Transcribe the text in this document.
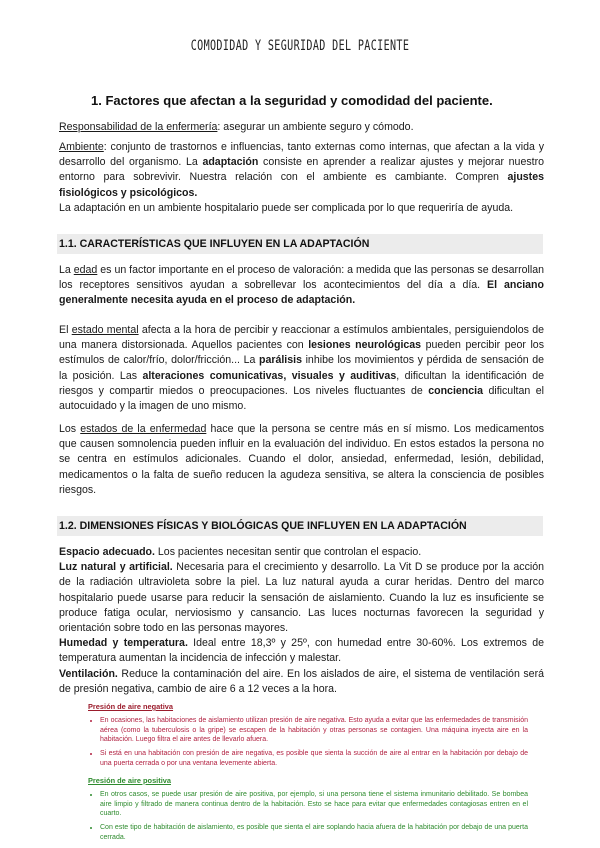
COMODIDAD Y SEGURIDAD DEL PACIENTE
1. Factores que afectan a la seguridad y comodidad del paciente.
Responsabilidad de la enfermería: asegurar un ambiente seguro y cómodo.
Ambiente: conjunto de trastornos e influencias, tanto externas como internas, que afectan a la vida y desarrollo del organismo. La adaptación consiste en aprender a realizar ajustes y mejorar nuestro entorno para sobrevivir. Nuestra relación con el ambiente es cambiante. Compren ajustes fisiológicos y psicológicos.
La adaptación en un ambiente hospitalario puede ser complicada por lo que requeriría de ayuda.
1.1. CARACTERÍSTICAS QUE INFLUYEN EN LA ADAPTACIÓN
La edad es un factor importante en el proceso de valoración: a medida que las personas se desarrollan los receptores sensitivos ayudan a sobrellevar los acontecimientos del día a día. El anciano generalmente necesita ayuda en el proceso de adaptación.
El estado mental afecta a la hora de percibir y reaccionar a estímulos ambientales, persiguiendolos de una manera distorsionada. Aquellos pacientes con lesiones neurológicas pueden percibir peor los estímulos de calor/frío, dolor/fricción... La parálisis inhibe los movimientos y pérdida de sensación de la posición. Las alteraciones comunicativas, visuales y auditivas, dificultan la identificación de riesgos y compartir miedos o preocupaciones. Los niveles fluctuantes de conciencia dificultan el autocuidado y la imagen de uno mismo.
Los estados de la enfermedad hace que la persona se centre más en sí mismo. Los medicamentos que causen somnolencia pueden influir en la evaluación del individuo. En estos estados la persona no se centra en estímulos adicionales. Cuando el dolor, ansiedad, enfermedad, lesión, debilidad, medicamentos o la falta de sueño reducen la agudeza sensitiva, se altera la consciencia de posibles riesgos.
1.2. DIMENSIONES FÍSICAS Y BIOLÓGICAS QUE INFLUYEN EN LA ADAPTACIÓN
Espacio adecuado. Los pacientes necesitan sentir que controlan el espacio.
Luz natural y artificial. Necesaria para el crecimiento y desarrollo. La Vit D se produce por la acción de la radiación ultravioleta sobre la piel. La luz natural ayuda a curar heridas. Dentro del marco hospitalario puede usarse para reducir la sensación de aislamiento. Cuando la luz es insuficiente se produce fatiga ocular, nerviosismo y cansancio. Las luces nocturnas favorecen la seguridad y orientación sobre todo en las personas mayores.
Humedad y temperatura. Ideal entre 18,3º y 25º, con humedad entre 30-60%. Los extremos de temperatura aumentan la incidencia de infección y malestar.
Ventilación. Reduce la contaminación del aire. En los aislados de aire, el sistema de ventilación será de presión negativa, cambio de aire 6 a 12 veces a la hora.
Presión de aire negativa
• En ocasiones, las habitaciones de aislamiento utilizan presión de aire negativa. Esto ayuda a evitar que las enfermedades de transmisión aérea (como la tuberculosis o la gripe) se escapen de la habitación y otras personas se contagien. Una máquina inyecta aire en la habitación. Luego filtra el aire antes de llevarlo afuera.
• Si está en una habitación con presión de aire negativa, es posible que sienta la succión de aire al entrar en la habitación por debajo de una puerta cerrada o por una ventana levemente abierta.
Presión de aire positiva
• En otros casos, se puede usar presión de aire positiva, por ejemplo, si una persona tiene el sistema inmunitario debilitado. Se bombea aire limpio y filtrado de manera continua dentro de la habitación. Esto se hace para evitar que enfermedades contagiosas entren en el cuarto.
• Con este tipo de habitación de aislamiento, es posible que sienta el aire soplando hacia afuera de la habitación por debajo de una puerta cerrada.
